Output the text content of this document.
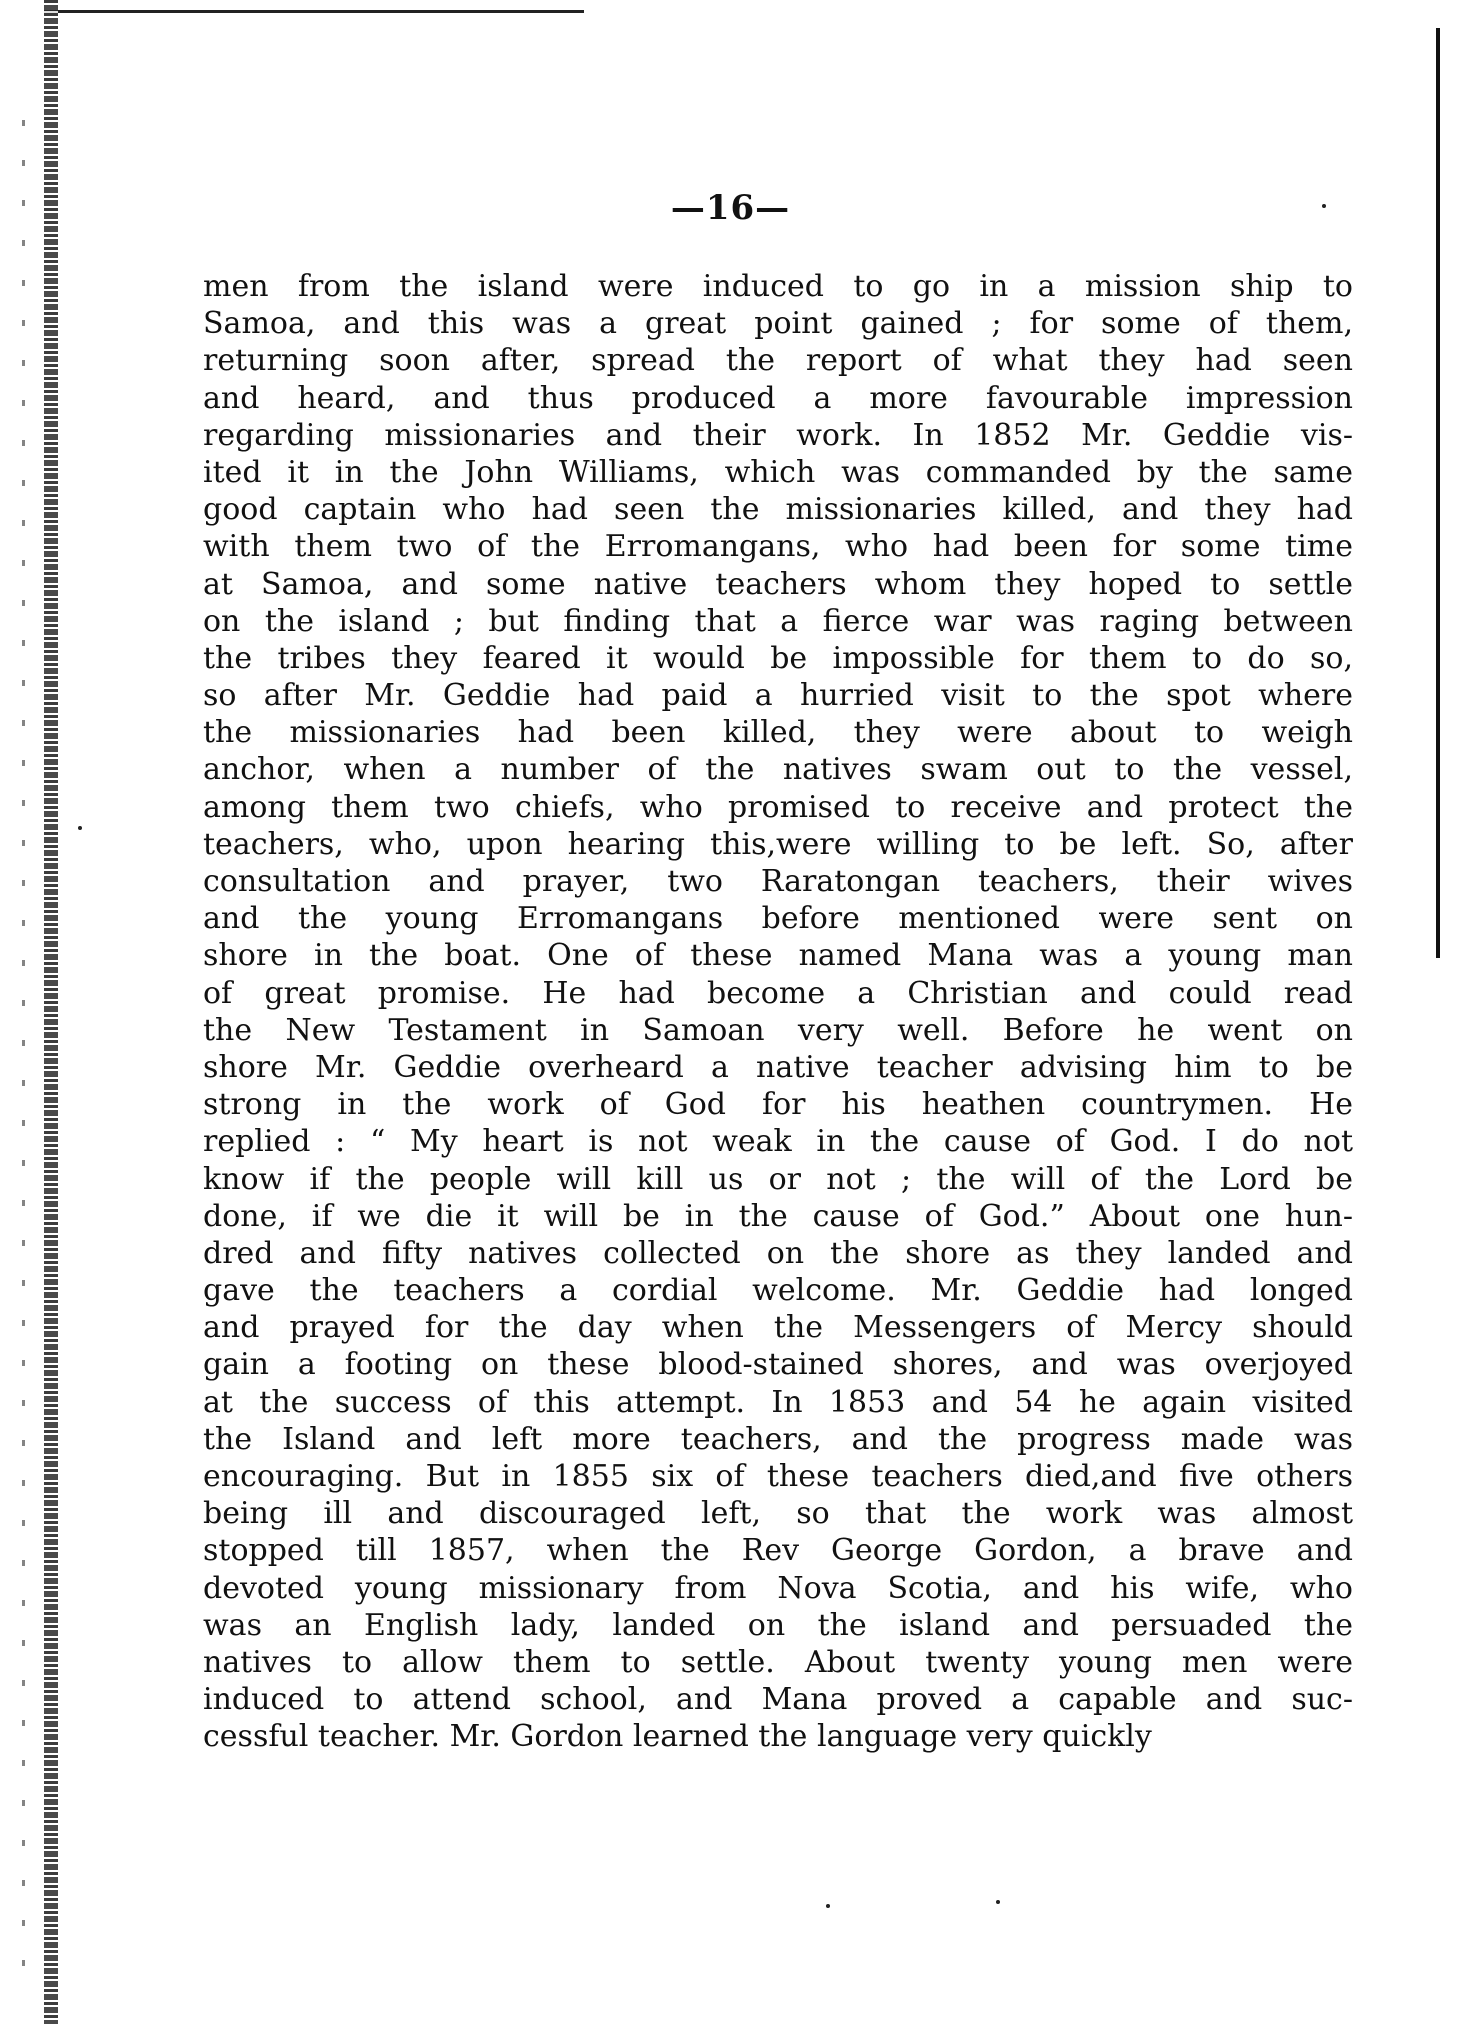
—16—
men from the island were induced to go in a mission ship to
Samoa, and this was a great point gained ; for some of them,
returning soon after, spread the report of what they had seen
and heard, and thus produced a more favourable impression
regarding missionaries and their work. In 1852 Mr. Geddie vis-
ited it in the John Williams, which was commanded by the same
good captain who had seen the missionaries killed, and they had
with them two of the Erromangans, who had been for some time
at Samoa, and some native teachers whom they hoped to settle
on the island ; but finding that a fierce war was raging between
the tribes they feared it would be impossible for them to do so,
so after Mr. Geddie had paid a hurried visit to the spot where
the missionaries had been killed, they were about to weigh
anchor, when a number of the natives swam out to the vessel,
among them two chiefs, who promised to receive and protect the
teachers, who, upon hearing this,were willing to be left. So, after
consultation and prayer, two Raratongan teachers, their wives
and the young Erromangans before mentioned were sent on
shore in the boat. One of these named Mana was a young man
of great promise. He had become a Christian and could read
the New Testament in Samoan very well. Before he went on
shore Mr. Geddie overheard a native teacher advising him to be
strong in the work of God for his heathen countrymen. He
replied : “ My heart is not weak in the cause of God. I do not
know if the people will kill us or not ; the will of the Lord be
done, if we die it will be in the cause of God.” About one hun-
dred and fifty natives collected on the shore as they landed and
gave the teachers a cordial welcome. Mr. Geddie had longed
and prayed for the day when the Messengers of Mercy should
gain a footing on these blood-stained shores, and was overjoyed
at the success of this attempt. In 1853 and 54 he again visited
the Island and left more teachers, and the progress made was
encouraging. But in 1855 six of these teachers died,and five others
being ill and discouraged left, so that the work was almost
stopped till 1857, when the Rev George Gordon, a brave and
devoted young missionary from Nova Scotia, and his wife, who
was an English lady, landed on the island and persuaded the
natives to allow them to settle. About twenty young men were
induced to attend school, and Mana proved a capable and suc-
cessful teacher. Mr. Gordon learned the language very quickly
